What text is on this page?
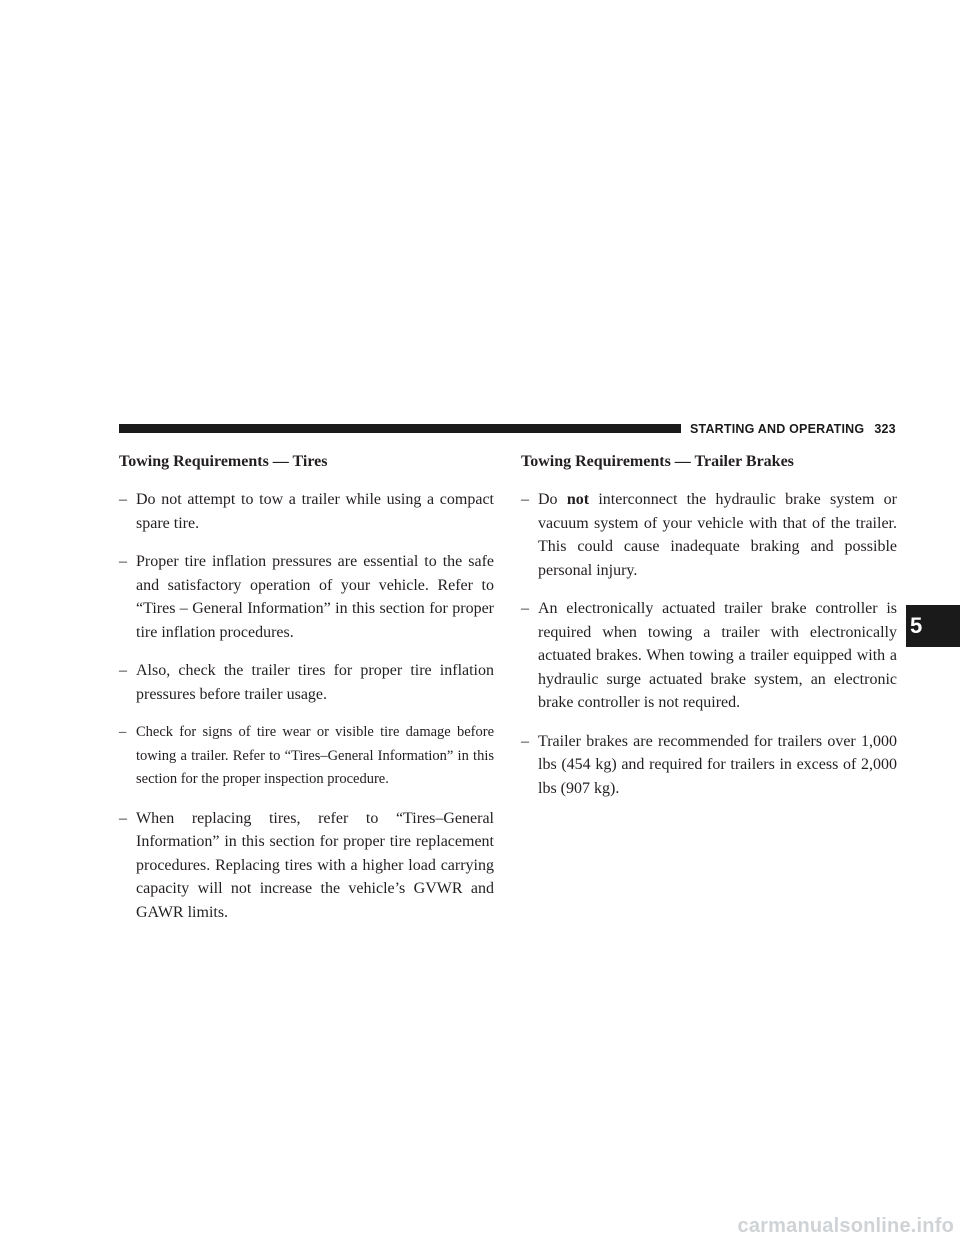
STARTING AND OPERATING 323
Towing Requirements — Tires
– Do not attempt to tow a trailer while using a compact spare tire.
– Proper tire inflation pressures are essential to the safe and satisfactory operation of your vehicle. Refer to “Tires – General Information” in this section for proper tire inflation procedures.
– Also, check the trailer tires for proper tire inflation pressures before trailer usage.
– Check for signs of tire wear or visible tire damage before towing a trailer. Refer to “Tires–General Information” in this section for the proper inspection procedure.
– When replacing tires, refer to “Tires–General Information” in this section for proper tire replacement procedures. Replacing tires with a higher load carrying capacity will not increase the vehicle’s GVWR and GAWR limits.
Towing Requirements — Trailer Brakes
– Do not interconnect the hydraulic brake system or vacuum system of your vehicle with that of the trailer. This could cause inadequate braking and possible personal injury.
– An electronically actuated trailer brake controller is required when towing a trailer with electronically actuated brakes. When towing a trailer equipped with a hydraulic surge actuated brake system, an electronic brake controller is not required.
– Trailer brakes are recommended for trailers over 1,000 lbs (454 kg) and required for trailers in excess of 2,000 lbs (907 kg).
5
carmanualsonline.info
